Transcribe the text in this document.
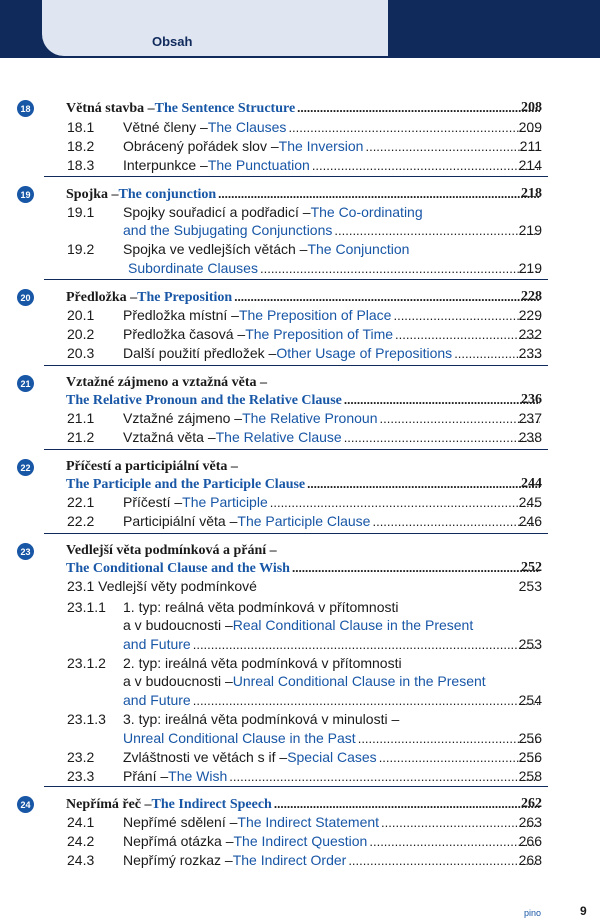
Obsah
18	Větná stavba – The Sentence Structure .....	208
18.1 Větné členy – The Clauses .....	209
18.2 Obrácený pořádek slov – The Inversion .....	211
18.3 Interpunkce – The Punctuation .....	214
19	Spojka – The conjunction .....	218
19.1 Spojky souřadicí a podřadicí – The Co-ordinating
and the Subjugating Conjunctions .....	219
19.2 Spojka ve vedlejších větách – The Conjunction
Subordinate Clauses .....	219
20	Předložka – The Preposition .....	228
20.1 Předložka místní – The Preposition of Place .....	229
20.2 Předložka časová – The Preposition of Time .....	232
20.3 Další použití předložek – Other Usage of Prepositions .....	233
21	Vztažné zájmeno a vztažná věta –
The Relative Pronoun and the Relative Clause .....	236
21.1 Vztažné zájmeno – The Relative Pronoun .....	237
21.2 Vztažná věta – The Relative Clause .....	238
22	Příčestí a participiální věta –
The Participle and the Participle Clause .....	244
22.1 Příčestí – The Participle .....	245
22.2 Participiální věta – The Participle Clause .....	246
23	Vedlejší věta podmínková a přání –
The Conditional Clause and the Wish .....	252
23.1 Vedlejší věty podmínkové	253
23.1.1 1. typ: reálná věta podmínková v přítomnosti
a v budoucnosti – Real Conditional Clause in the Present
and Future .....	253
23.1.2 2. typ: ireálná věta podmínková v přítomnosti
a v budoucnosti – Unreal Conditional Clause in the Present
and Future .....	254
23.1.3 3. typ: ireálná věta podmínková v minulosti –
Unreal Conditional Clause in the Past .....	256
23.2 Zvláštnosti ve větách s if – Special Cases .....	256
23.3 Přání – The Wish .....	258
24	Nepřímá řeč – The Indirect Speech .....	262
24.1 Nepřímé sdělení – The Indirect Statement .....	263
24.2 Nepřímá otázka – The Indirect Question .....	266
24.3 Nepřímý rozkaz – The Indirect Order .....	268
pino	9
